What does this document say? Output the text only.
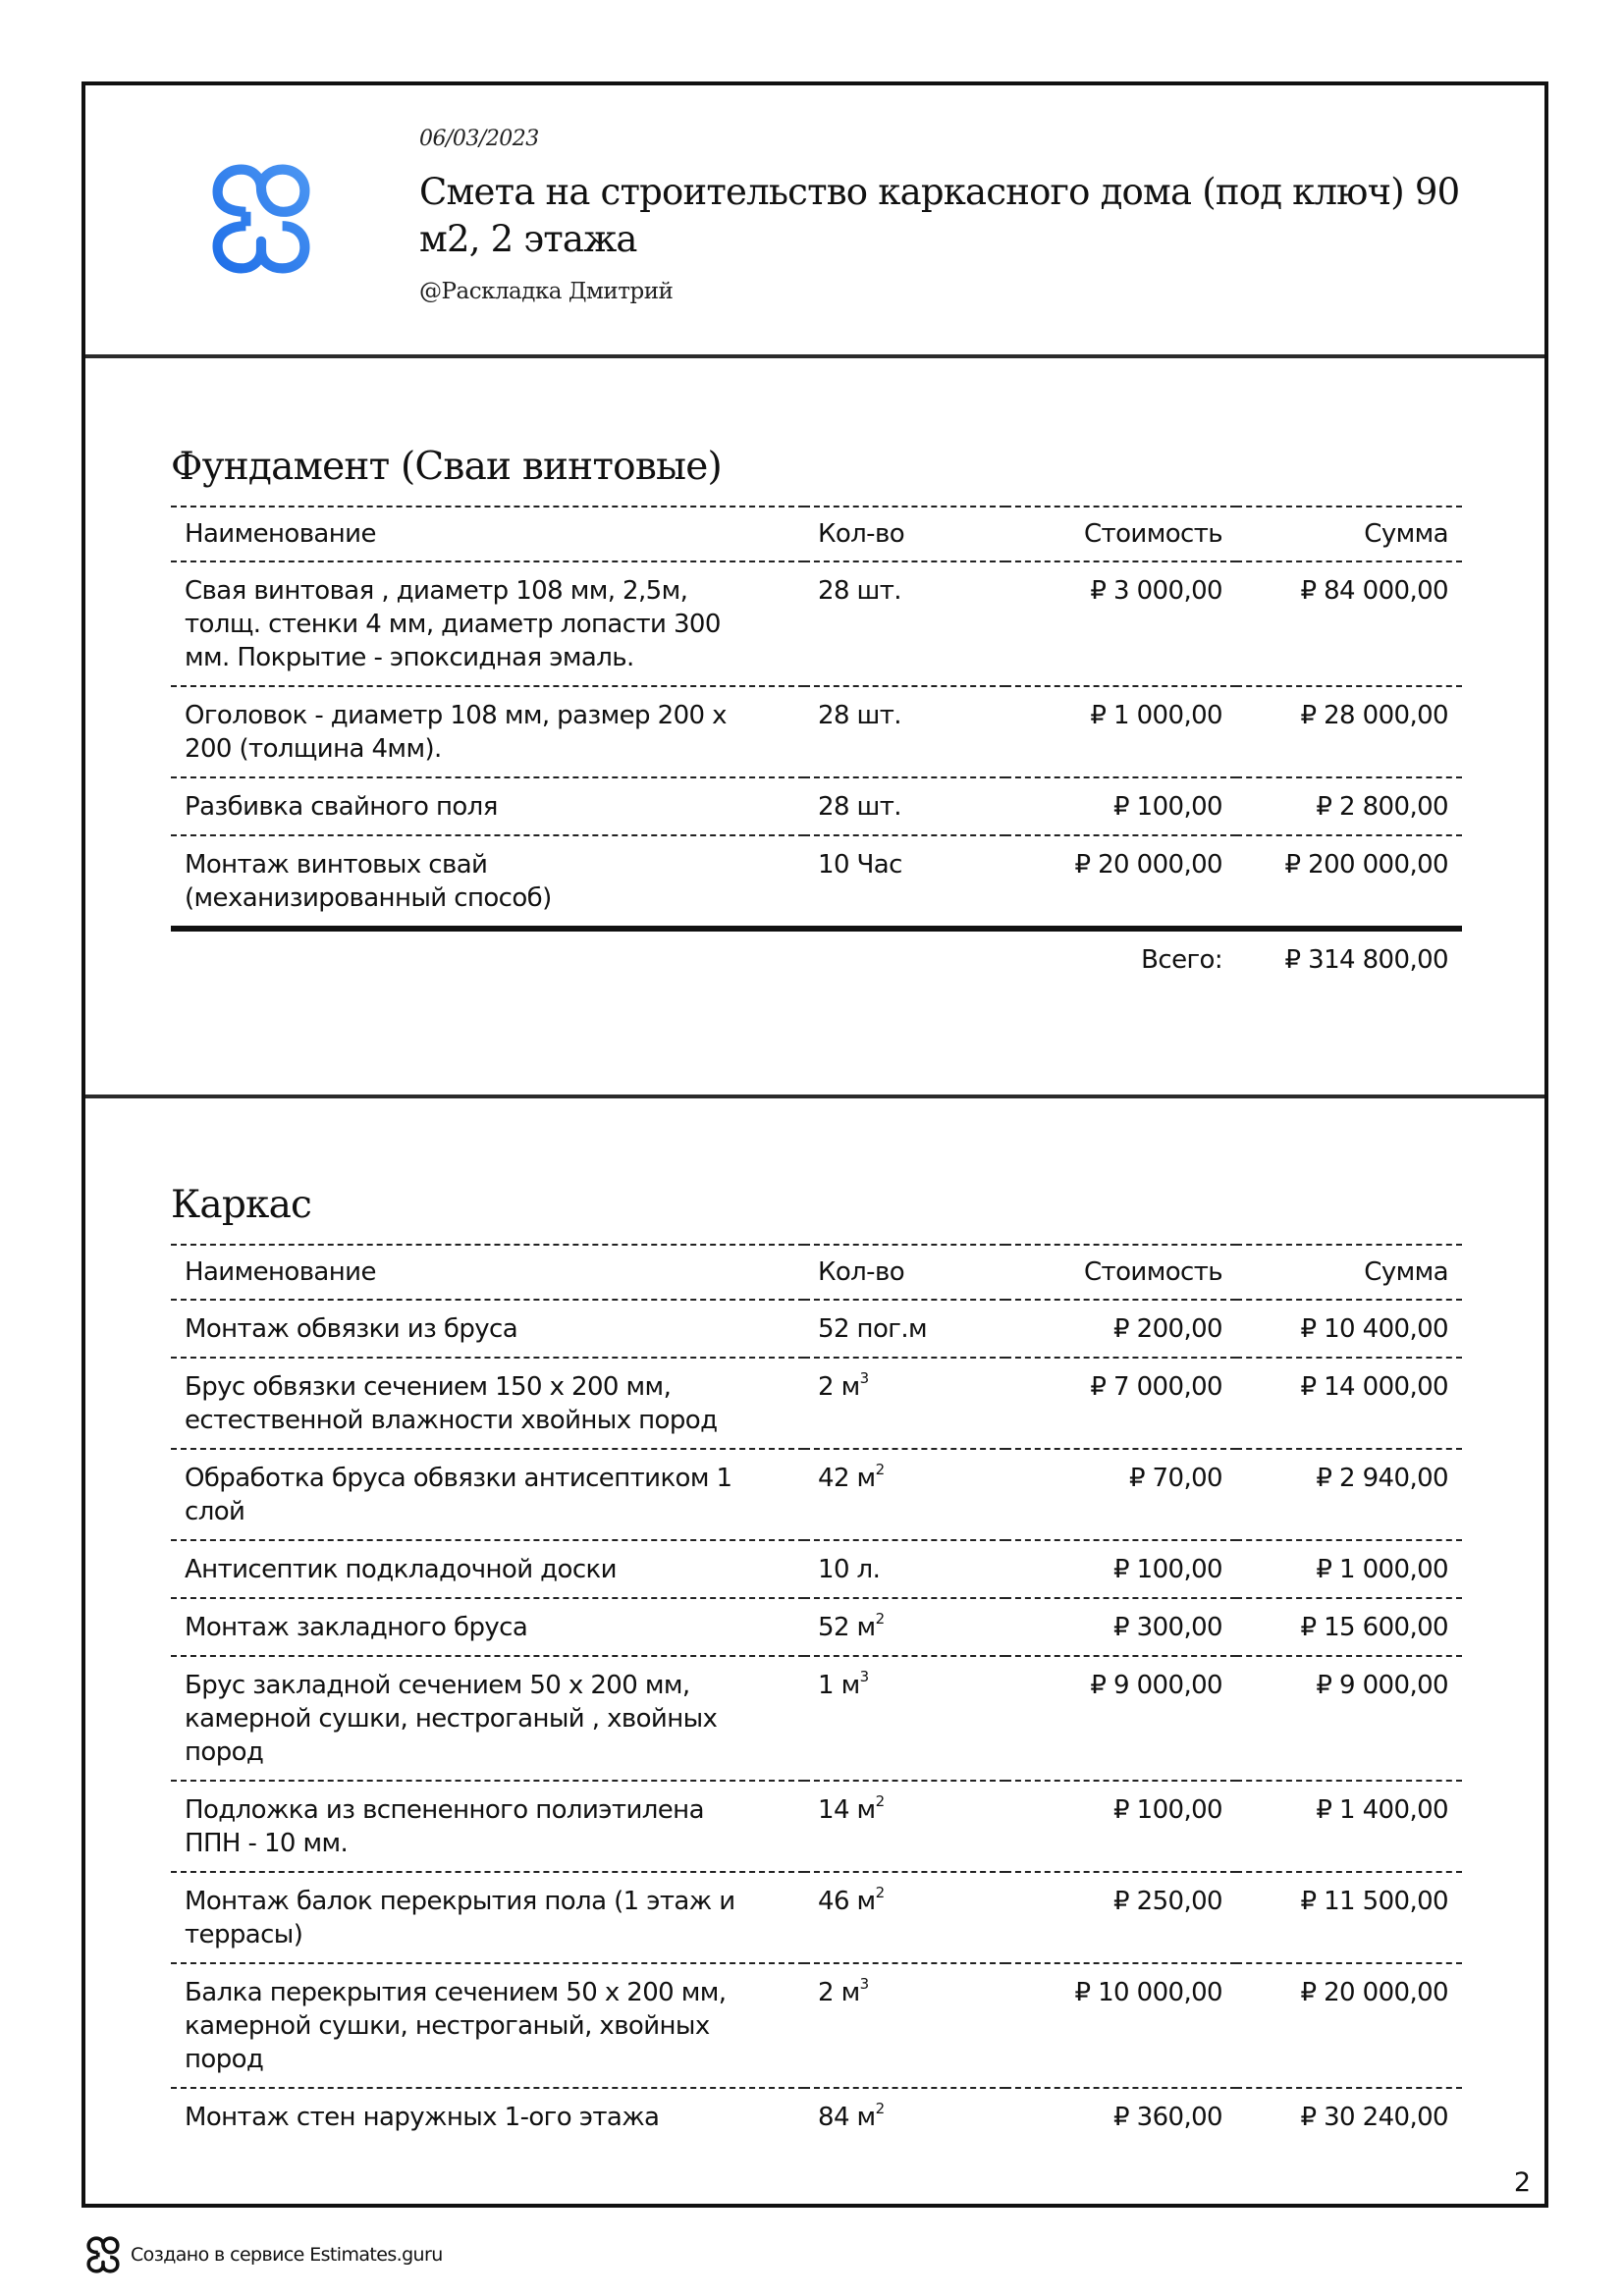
06/03/2023
Смета на строительство каркасного дома (под ключ) 90 м2, 2 этажа
@Раскладка Дмитрий
Фундамент (Сваи винтовые)
Наименование	Кол-во	Стоимость	Сумма
Свая винтовая , диаметр 108 мм, 2,5м, толщ. стенки 4 мм, диаметр лопасти 300 мм. Покрытие - эпоксидная эмаль.	28 шт.	₽ 3 000,00	₽ 84 000,00
Оголовок - диаметр 108 мм, размер 200 х 200 (толщина 4мм).	28 шт.	₽ 1 000,00	₽ 28 000,00
Разбивка свайного поля	28 шт.	₽ 100,00	₽ 2 800,00
Монтаж винтовых свай (механизированный способ)	10 Час	₽ 20 000,00	₽ 200 000,00

		Всего:	₽ 314 800,00
Каркас
Наименование	Кол-во	Стоимость	Сумма
Монтаж обвязки из бруса	52 пог.м	₽ 200,00	₽ 10 400,00
Брус обвязки сечением 150 х 200 мм, естественной влажности хвойных пород	2 $м^3$	₽ 7 000,00	₽ 14 000,00
Обработка бруса обвязки антисептиком 1 слой	42 $м^2$	₽ 70,00	₽ 2 940,00
Антисептик подкладочной доски	10 л.	₽ 100,00	₽ 1 000,00
Монтаж закладного бруса	52 $м^2$	₽ 300,00	₽ 15 600,00
Брус закладной сечением 50 х 200 мм, камерной сушки, нестроганый , хвойных пород	1 $м^3$	₽ 9 000,00	₽ 9 000,00
Подложка из вспененного полиэтилена ППН - 10 мм.	14 $м^2$	₽ 100,00	₽ 1 400,00
Монтаж балок перекрытия пола (1 этаж и террасы)	46 $м^2$	₽ 250,00	₽ 11 500,00
Балка перекрытия сечением 50 х 200 мм, камерной сушки, нестроганый, хвойных пород	2 $м^3$	₽ 10 000,00	₽ 20 000,00
Монтаж стен наружных 1-ого этажа	84 $м^2$	₽ 360,00	₽ 30 240,00
2
Создано в сервисе Estimates.guru
